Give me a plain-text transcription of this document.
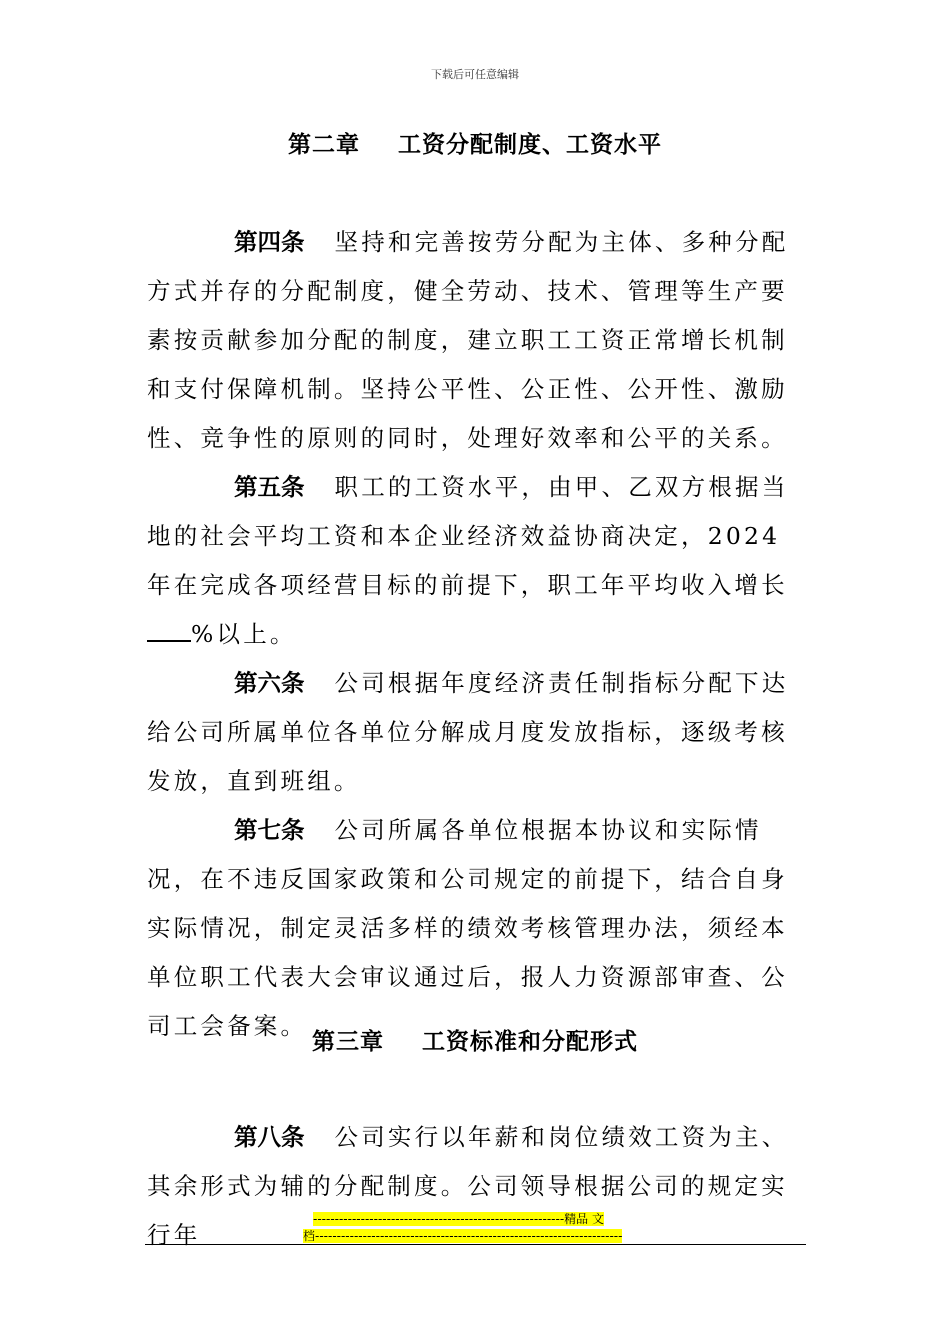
下载后可任意编辑
第二章 工资分配制度、工资水平

第四条 坚持和完善按劳分配为主体、多种分配方式并存的分配制度，健全劳动、技术、管理等生产要素按贡献参加分配的制度，建立职工工资正常增长机制和支付保障机制。坚持公平性、公正性、公开性、激励性、竞争性的原则的同时，处理好效率和公平的关系。

第五条 职工的工资水平，由甲、乙双方根据当地的社会平均工资和本企业经济效益协商决定，2024年在完成各项经营目标的前提下，职工年平均收入增长%以上。

第六条 公司根据年度经济责任制指标分配下达给公司所属单位各单位分解成月度发放指标，逐级考核发放，直到班组。

第七条 公司所属各单位根据本协议和实际情况，在不违反国家政策和公司规定的前提下，结合自身实际情况，制定灵活多样的绩效考核管理办法，须经本单位职工代表大会审议通过后，报人力资源部审查、公司工会备案。

第三章 工资标准和分配形式

第八条 公司实行以年薪和岗位绩效工资为主、其余形式为辅的分配制度。公司领导根据公司的规定实行年

----------------------------------------------------------精品 文
档-----------------------------------------------------------------------
